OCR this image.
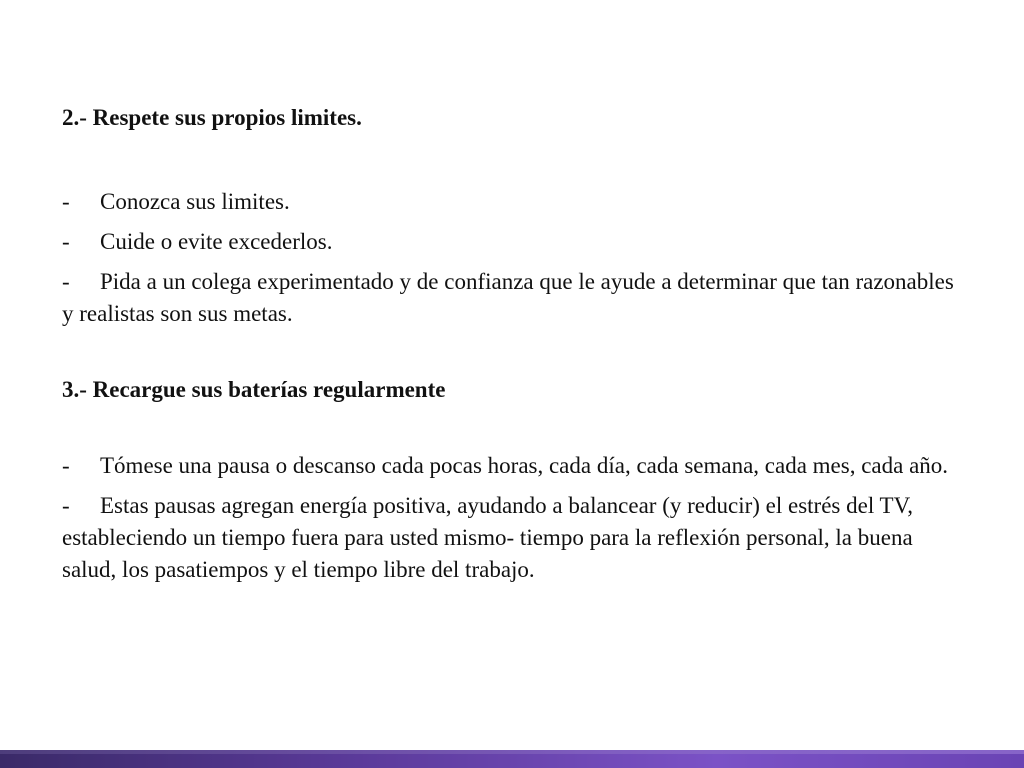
2.- Respete sus propios limites.

- Conozca sus limites.

- Cuide o evite excederlos.

- Pida a un colega experimentado y de confianza que le ayude a determinar que tan razonables y realistas son sus metas.

3.- Recargue sus baterías regularmente

- Tómese una pausa o descanso cada pocas horas, cada día, cada semana, cada mes, cada año.

- Estas pausas agregan energía positiva, ayudando a balancear (y reducir) el estrés del TV, estableciendo un tiempo fuera para usted mismo- tiempo para la reflexión personal, la buena salud, los pasatiempos y el tiempo libre del trabajo.
